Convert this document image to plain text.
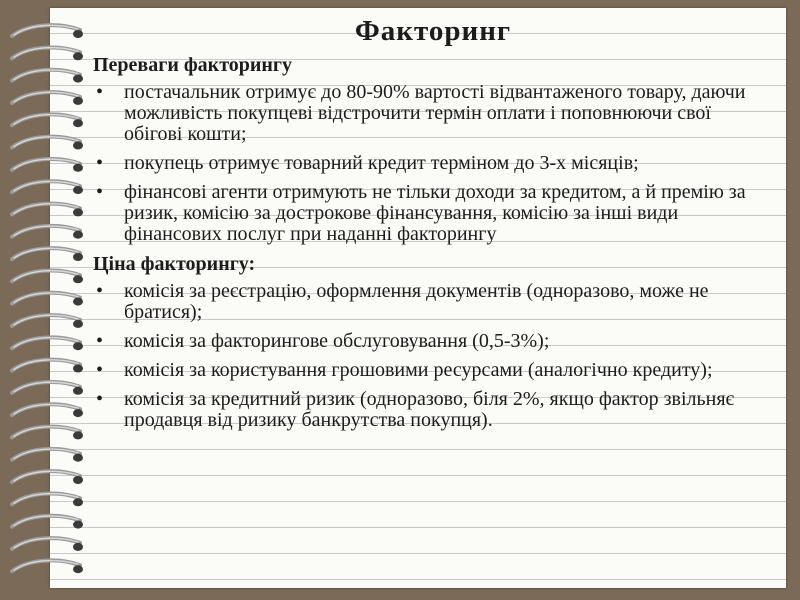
Факторинг
Переваги факторингу
• постачальник отримує до 80-90% вартості відвантаженого товару, даючи можливість покупцеві відстрочити термін оплати і поповнюючи свої обігові кошти;
• покупець отримує товарний кредит терміном до 3-х місяців;
• фінансові агенти отримують не тільки доходи за кредитом, а й премію за ризик, комісію за дострокове фінансування, комісію за інші види фінансових послуг при наданні факторингу
Ціна факторингу:
• комісія за реєстрацію, оформлення документів (одноразово, може не братися);
• комісія за факторингове обслуговування (0,5-3%);
• комісія за користування грошовими ресурсами (аналогічно кредиту);
• комісія за кредитний ризик (одноразово, біля 2%, якщо фактор звільняє продавця від ризику банкрутства покупця).
